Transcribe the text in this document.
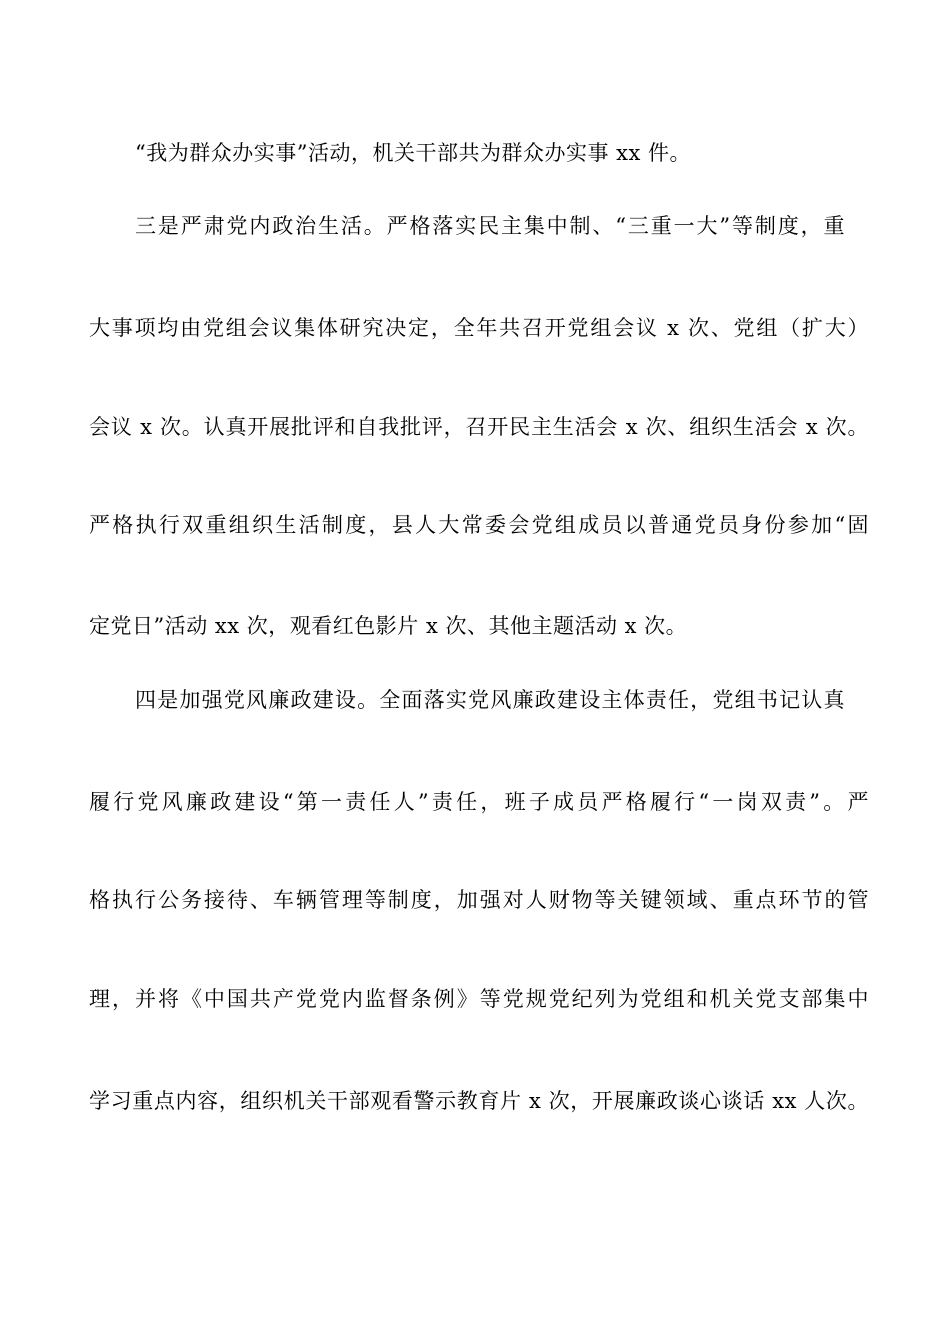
“我为群众办实事”活动，机关干部共为群众办实事 xx 件。
三是严肃党内政治生活。严格落实民主集中制、“三重一大”等制度，重
大事项均由党组会议集体研究决定，全年共召开党组会议 x 次、党组（扩大）
会议 x 次。认真开展批评和自我批评，召开民主生活会 x 次、组织生活会 x 次。
严格执行双重组织生活制度，县人大常委会党组成员以普通党员身份参加“固
定党日”活动 xx 次，观看红色影片 x 次、其他主题活动 x 次。
四是加强党风廉政建设。全面落实党风廉政建设主体责任，党组书记认真
履行党风廉政建设“第一责任人”责任，班子成员严格履行“一岗双责”。严
格执行公务接待、车辆管理等制度，加强对人财物等关键领域、重点环节的管
理，并将《中国共产党党内监督条例》等党规党纪列为党组和机关党支部集中
学习重点内容，组织机关干部观看警示教育片 x 次，开展廉政谈心谈话 xx 人次。
